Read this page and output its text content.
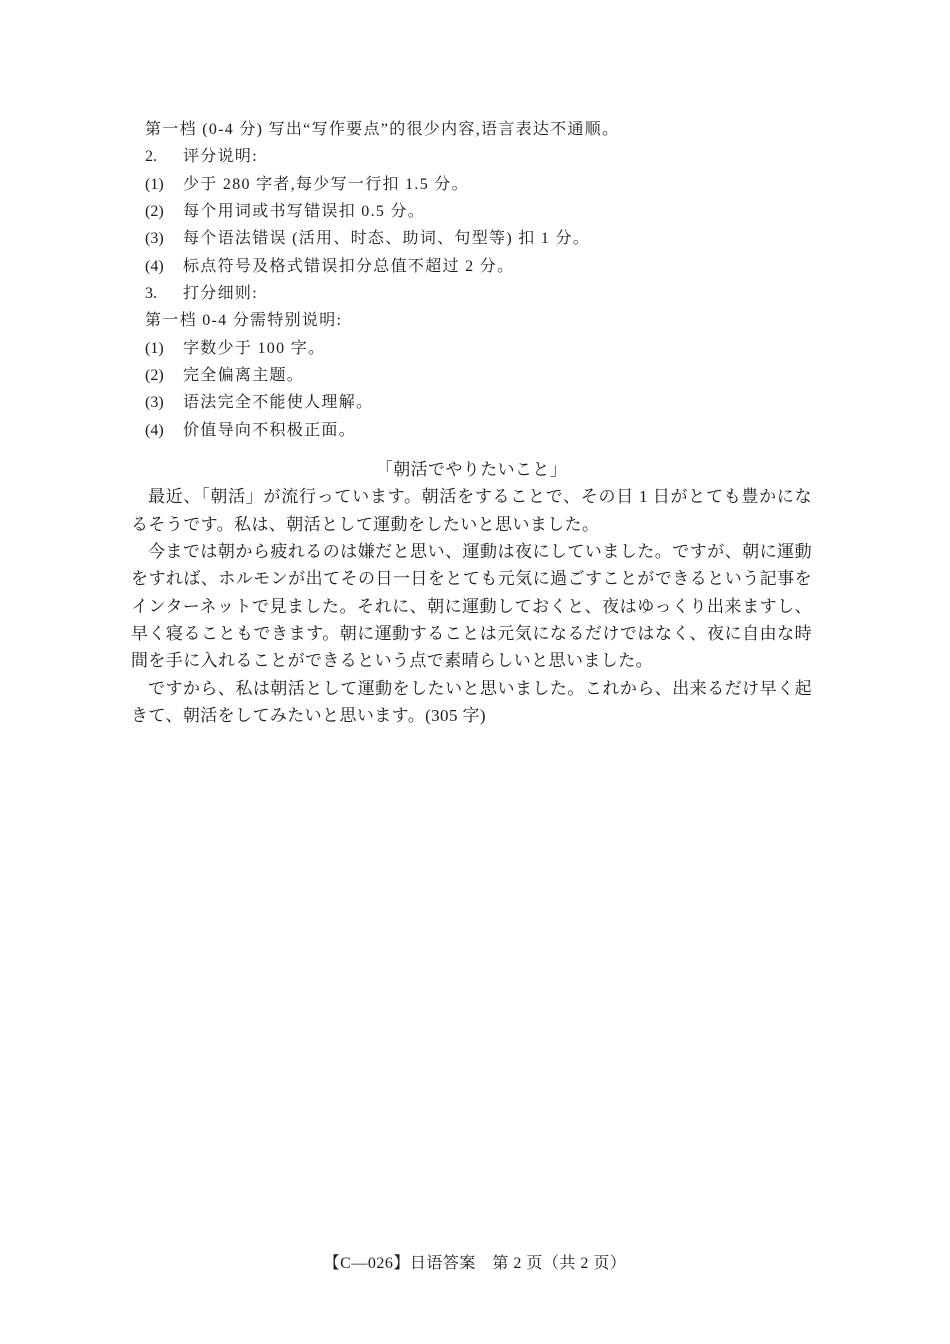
第一档 (0-4 分) 写出“写作要点”的很少内容,语言表达不通顺。
2.	评分说明:
(1)	少于 280 字者,每少写一行扣 1.5 分。
(2)	每个用词或书写错误扣 0.5 分。
(3)	每个语法错误 (活用、时态、助词、句型等) 扣 1 分。
(4)	标点符号及格式错误扣分总值不超过 2 分。
3.	打分细则:
第一档 0-4 分需特别说明:
(1)	字数少于 100 字。
(2)	完全偏离主题。
(3)	语法完全不能使人理解。
(4)	价值导向不积极正面。
「朝活でやりたいこと」

最近、「朝活」が流行っています。朝活をすることで、その日 1 日がとても豊かになるそうです。私は、朝活として運動をしたいと思いました。

今までは朝から疲れるのは嫌だと思い、運動は夜にしていました。ですが、朝に運動をすれば、ホルモンが出てその日一日をとても元気に過ごすことができるという記事をインターネットで見ました。それに、朝に運動しておくと、夜はゆっくり出来ますし、早く寝ることもできます。朝に運動することは元気になるだけではなく、夜に自由な時間を手に入れることができるという点で素晴らしいと思いました。

ですから、私は朝活として運動をしたいと思いました。これから、出来るだけ早く起きて、朝活をしてみたいと思います。(305 字)

【C—026】日语答案　第 2 页（共 2 页）
